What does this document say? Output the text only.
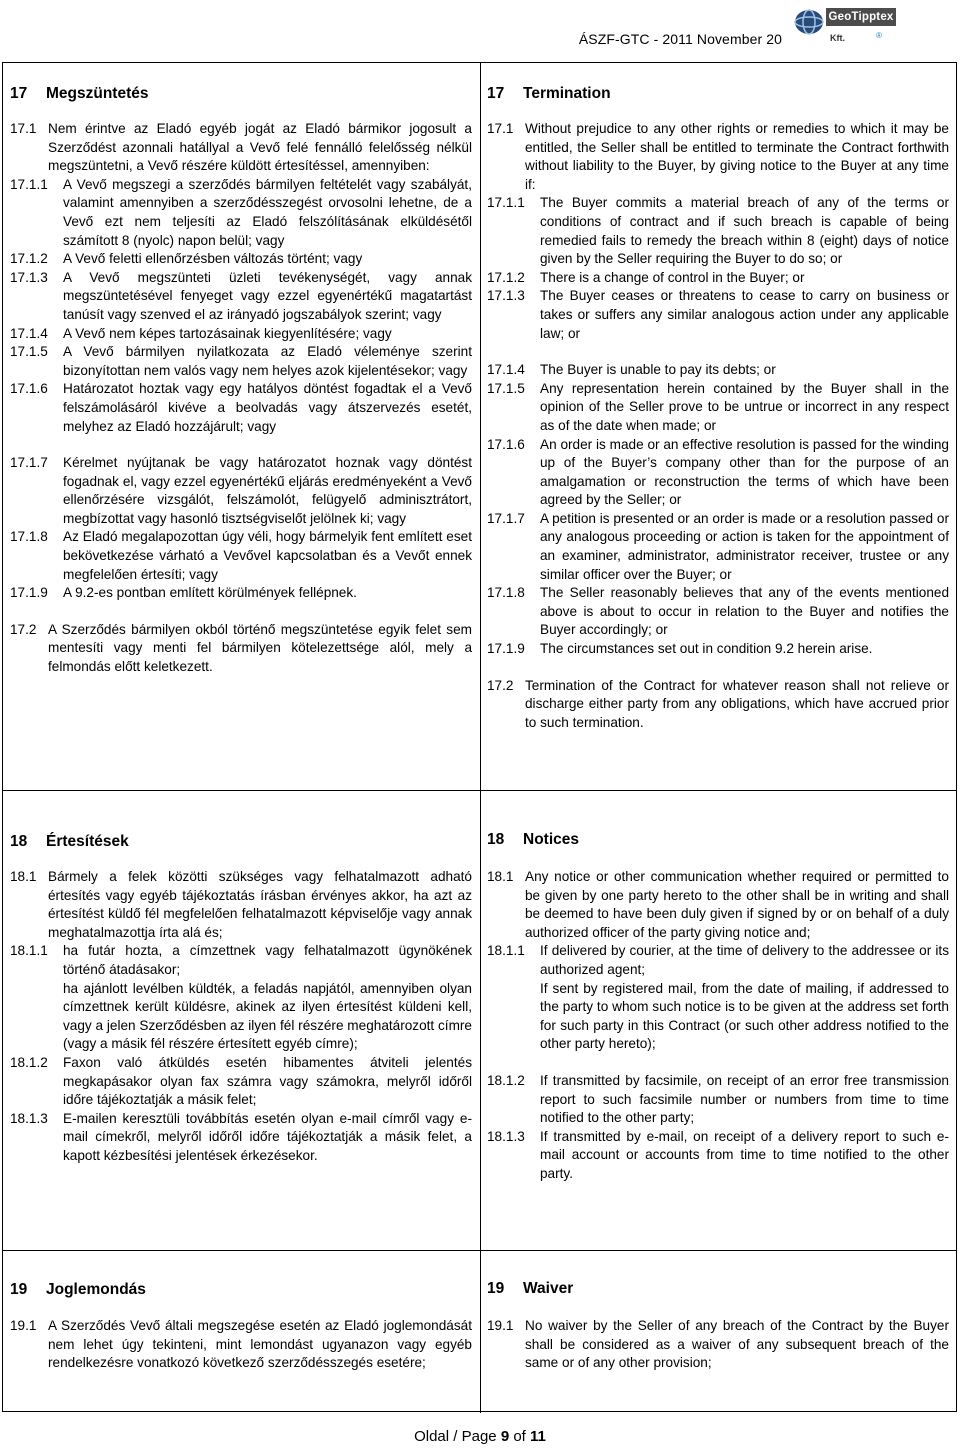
ÁSZF-GTC - 2011 November 20
GeoTipptex
Kft.	®
17	Megszüntetés
17.1 Nem érintve az Eladó egyéb jogát az Eladó bármikor jogosult a Szerződést azonnali hatállyal a Vevő felé fennálló felelősség nélkül megszüntetni, a Vevő részére küldött értesítéssel, amennyiben:
17.1.1	A Vevő megszegi a szerződés bármilyen feltételét vagy szabályát, valamint amennyiben a szerződésszegést orvosolni lehetne, de a Vevő ezt nem teljesíti az Eladó felszólításának elküldésétől számított 8 (nyolc) napon belül; vagy
17.1.2	A Vevő feletti ellenőrzésben változás történt; vagy
17.1.3	A Vevő megszünteti üzleti tevékenységét, vagy annak megszüntetésével fenyeget vagy ezzel egyenértékű magatartást tanúsít vagy szenved el az irányadó jogszabályok szerint; vagy
17.1.4	A Vevő nem képes tartozásainak kiegyenlítésére; vagy
17.1.5	A Vevő bármilyen nyilatkozata az Eladó véleménye szerint bizonyítottan nem valós vagy nem helyes azok kijelentésekor; vagy
17.1.6	Határozatot hoztak vagy egy hatályos döntést fogadtak el a Vevő felszámolásáról kivéve a beolvadás vagy átszervezés esetét, melyhez az Eladó hozzájárult; vagy
17.1.7	Kérelmet nyújtanak be vagy határozatot hoznak vagy döntést fogadnak el, vagy ezzel egyenértékű eljárás eredményeként a Vevő ellenőrzésére vizsgálót, felszámolót, felügyelő adminisztrátort, megbízottat vagy hasonló tisztségviselőt jelölnek ki; vagy
17.1.8	Az Eladó megalapozottan úgy véli, hogy bármelyik fent említett eset bekövetkezése várható a Vevővel kapcsolatban és a Vevőt ennek megfelelően értesíti; vagy
17.1.9	A 9.2-es pontban említett körülmények fellépnek.
17.2 A Szerződés bármilyen okból történő megszüntetése egyik felet sem mentesíti vagy menti fel bármilyen kötelezettsége alól, mely a felmondás előtt keletkezett.
17	Termination
17.1 Without prejudice to any other rights or remedies to which it may be entitled, the Seller shall be entitled to terminate the Contract forthwith without liability to the Buyer, by giving notice to the Buyer at any time if:
17.1.1	The Buyer commits a material breach of any of the terms or conditions of contract and if such breach is capable of being remedied fails to remedy the breach within 8 (eight) days of notice given by the Seller requiring the Buyer to do so; or
17.1.2	There is a change of control in the Buyer; or
17.1.3	The Buyer ceases or threatens to cease to carry on business or takes or suffers any similar analogous action under any applicable law; or
17.1.4	The Buyer is unable to pay its debts; or
17.1.5	Any representation herein contained by the Buyer shall in the opinion of the Seller prove to be untrue or incorrect in any respect as of the date when made; or
17.1.6	An order is made or an effective resolution is passed for the winding up of the Buyer’s company other than for the purpose of an amalgamation or reconstruction the terms of which have been agreed by the Seller; or
17.1.7	A petition is presented or an order is made or a resolution passed or any analogous proceeding or action is taken for the appointment of an examiner, administrator, administrator receiver, trustee or any similar officer over the Buyer; or
17.1.8	The Seller reasonably believes that any of the events mentioned above is about to occur in relation to the Buyer and notifies the Buyer accordingly; or
17.1.9	The circumstances set out in condition 9.2 herein arise.
17.2 Termination of the Contract for whatever reason shall not relieve or discharge either party from any obligations, which have accrued prior to such termination.
18	Értesítések
18.1 Bármely a felek közötti szükséges vagy felhatalmazott adható értesítés vagy egyéb tájékoztatás írásban érvényes akkor, ha azt az értesítést küldő fél megfelelően felhatalmazott képviselője vagy annak meghatalmazottja írta alá és;
18.1.1	ha futár hozta, a címzettnek vagy felhatalmazott ügynökének történő átadásakor;
ha ajánlott levélben küldték, a feladás napjától, amennyiben olyan címzettnek került küldésre, akinek az ilyen értesítést küldeni kell, vagy a jelen Szerződésben az ilyen fél részére meghatározott címre (vagy a másik fél részére értesített egyéb címre);
18.1.2	Faxon való átküldés esetén hibamentes átviteli jelentés megkapásakor olyan fax számra vagy számokra, melyről időről időre tájékoztatják a másik felet;
18.1.3	E-mailen keresztüli továbbítás esetén olyan e-mail címről vagy e-mail címekről, melyről időről időre tájékoztatják a másik felet, a kapott kézbesítési jelentések érkezésekor.
18	Notices
18.1 Any notice or other communication whether required or permitted to be given by one party hereto to the other shall be in writing and shall be deemed to have been duly given if signed by or on behalf of a duly authorized officer of the party giving notice and;
18.1.1	If delivered by courier, at the time of delivery to the addressee or its authorized agent;
If sent by registered mail, from the date of mailing, if addressed to the party to whom such notice is to be given at the address set forth for such party in this Contract (or such other address notified to the other party hereto);
18.1.2	If transmitted by facsimile, on receipt of an error free transmission report to such facsimile number or numbers from time to time notified to the other party;
18.1.3	If transmitted by e-mail, on receipt of a delivery report to such e-mail account or accounts from time to time notified to the other party.
19	Joglemondás
19.1 A Szerződés Vevő általi megszegése esetén az Eladó joglemondását nem lehet úgy tekinteni, mint lemondást ugyanazon vagy egyéb rendelkezésre vonatkozó következő szerződésszegés esetére;
19	Waiver
19.1 No waiver by the Seller of any breach of the Contract by the Buyer shall be considered as a waiver of any subsequent breach of the same or of any other provision;
Oldal / Page 9 of 11
